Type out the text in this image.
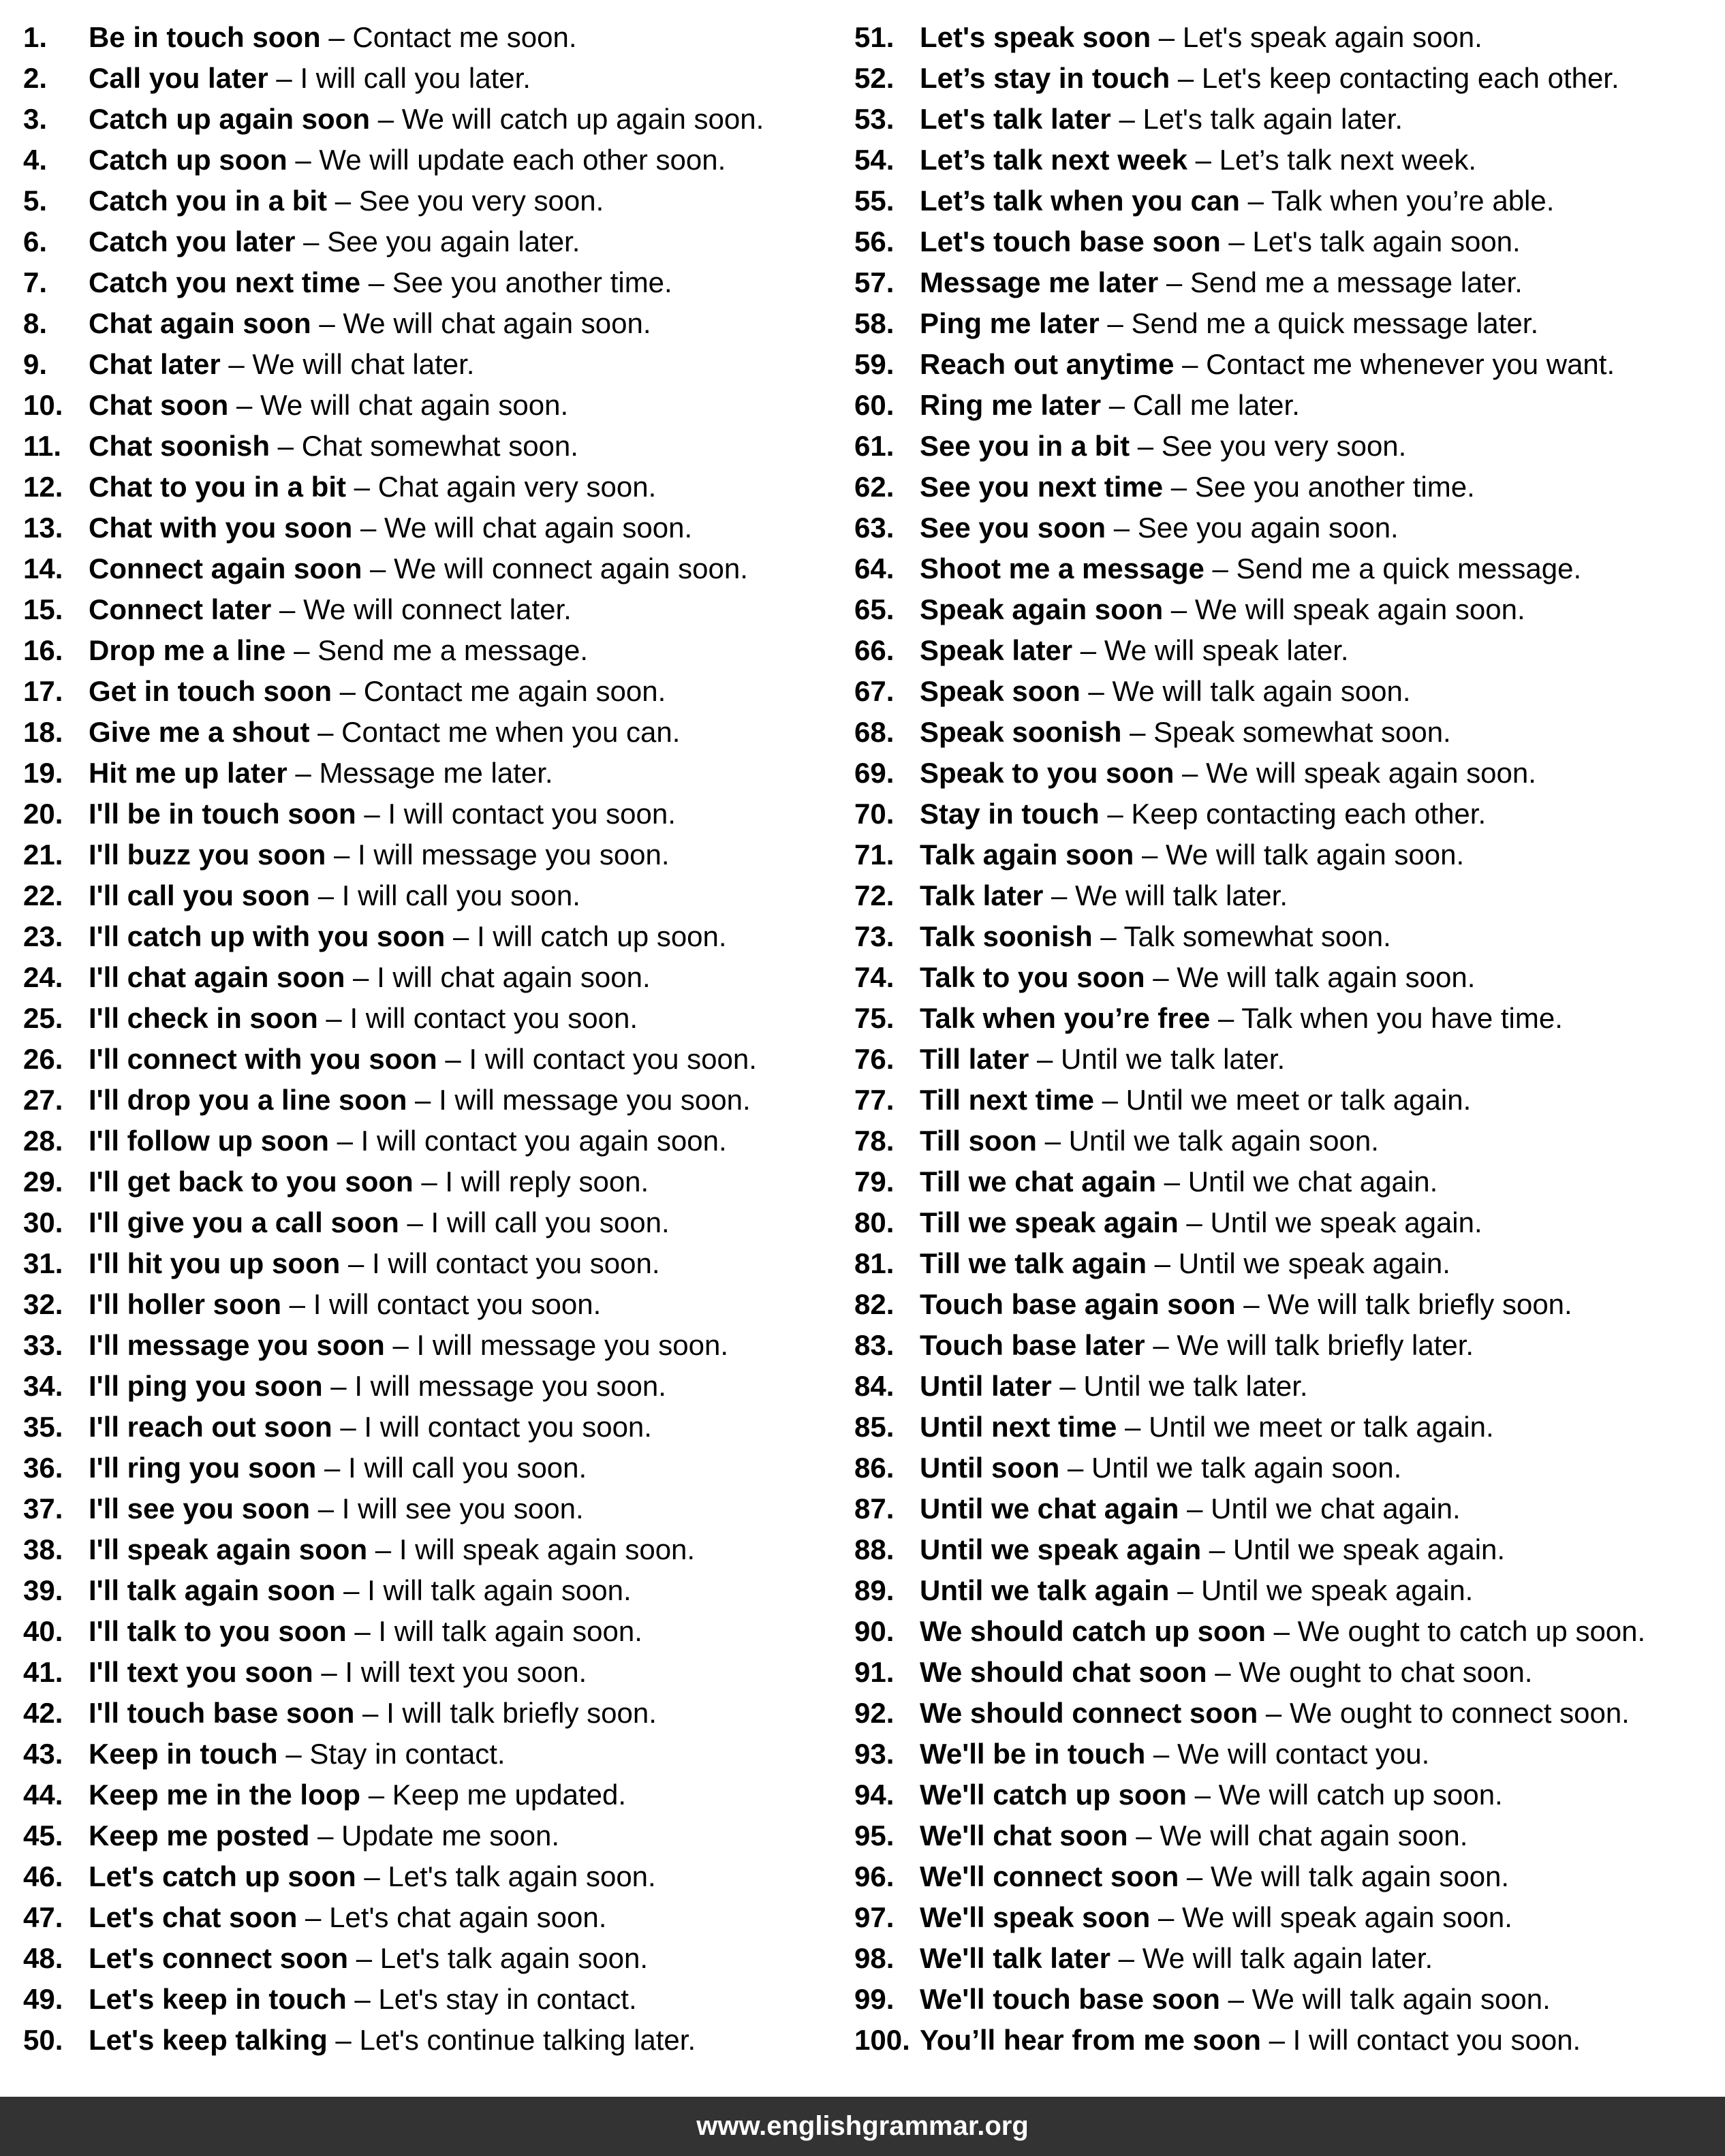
1. Be in touch soon – Contact me soon.
2. Call you later – I will call you later.
3. Catch up again soon – We will catch up again soon.
4. Catch up soon – We will update each other soon.
5. Catch you in a bit – See you very soon.
6. Catch you later – See you again later.
7. Catch you next time – See you another time.
8. Chat again soon – We will chat again soon.
9. Chat later – We will chat later.
10. Chat soon – We will chat again soon.
11. Chat soonish – Chat somewhat soon.
12. Chat to you in a bit – Chat again very soon.
13. Chat with you soon – We will chat again soon.
14. Connect again soon – We will connect again soon.
15. Connect later – We will connect later.
16. Drop me a line – Send me a message.
17. Get in touch soon – Contact me again soon.
18. Give me a shout – Contact me when you can.
19. Hit me up later – Message me later.
20. I'll be in touch soon – I will contact you soon.
21. I'll buzz you soon – I will message you soon.
22. I'll call you soon – I will call you soon.
23. I'll catch up with you soon – I will catch up soon.
24. I'll chat again soon – I will chat again soon.
25. I'll check in soon – I will contact you soon.
26. I'll connect with you soon – I will contact you soon.
27. I'll drop you a line soon – I will message you soon.
28. I'll follow up soon – I will contact you again soon.
29. I'll get back to you soon – I will reply soon.
30. I'll give you a call soon – I will call you soon.
31. I'll hit you up soon – I will contact you soon.
32. I'll holler soon – I will contact you soon.
33. I'll message you soon – I will message you soon.
34. I'll ping you soon – I will message you soon.
35. I'll reach out soon – I will contact you soon.
36. I'll ring you soon – I will call you soon.
37. I'll see you soon – I will see you soon.
38. I'll speak again soon – I will speak again soon.
39. I'll talk again soon – I will talk again soon.
40. I'll talk to you soon – I will talk again soon.
41. I'll text you soon – I will text you soon.
42. I'll touch base soon – I will talk briefly soon.
43. Keep in touch – Stay in contact.
44. Keep me in the loop – Keep me updated.
45. Keep me posted – Update me soon.
46. Let's catch up soon – Let's talk again soon.
47. Let's chat soon – Let's chat again soon.
48. Let's connect soon – Let's talk again soon.
49. Let's keep in touch – Let's stay in contact.
50. Let's keep talking – Let's continue talking later.
51. Let's speak soon – Let's speak again soon.
52. Let’s stay in touch – Let's keep contacting each other.
53. Let's talk later – Let's talk again later.
54. Let’s talk next week – Let’s talk next week.
55. Let’s talk when you can – Talk when you’re able.
56. Let's touch base soon – Let's talk again soon.
57. Message me later – Send me a message later.
58. Ping me later – Send me a quick message later.
59. Reach out anytime – Contact me whenever you want.
60. Ring me later – Call me later.
61. See you in a bit – See you very soon.
62. See you next time – See you another time.
63. See you soon – See you again soon.
64. Shoot me a message – Send me a quick message.
65. Speak again soon – We will speak again soon.
66. Speak later – We will speak later.
67. Speak soon – We will talk again soon.
68. Speak soonish – Speak somewhat soon.
69. Speak to you soon – We will speak again soon.
70. Stay in touch – Keep contacting each other.
71. Talk again soon – We will talk again soon.
72. Talk later – We will talk later.
73. Talk soonish – Talk somewhat soon.
74. Talk to you soon – We will talk again soon.
75. Talk when you’re free – Talk when you have time.
76. Till later – Until we talk later.
77. Till next time – Until we meet or talk again.
78. Till soon – Until we talk again soon.
79. Till we chat again – Until we chat again.
80. Till we speak again – Until we speak again.
81. Till we talk again – Until we speak again.
82. Touch base again soon – We will talk briefly soon.
83. Touch base later – We will talk briefly later.
84. Until later – Until we talk later.
85. Until next time – Until we meet or talk again.
86. Until soon – Until we talk again soon.
87. Until we chat again – Until we chat again.
88. Until we speak again – Until we speak again.
89. Until we talk again – Until we speak again.
90. We should catch up soon – We ought to catch up soon.
91. We should chat soon – We ought to chat soon.
92. We should connect soon – We ought to connect soon.
93. We'll be in touch – We will contact you.
94. We'll catch up soon – We will catch up soon.
95. We'll chat soon – We will chat again soon.
96. We'll connect soon – We will talk again soon.
97. We'll speak soon – We will speak again soon.
98. We'll talk later – We will talk again later.
99. We'll touch base soon – We will talk again soon.
100. You’ll hear from me soon – I will contact you soon.
www.englishgrammar.org
